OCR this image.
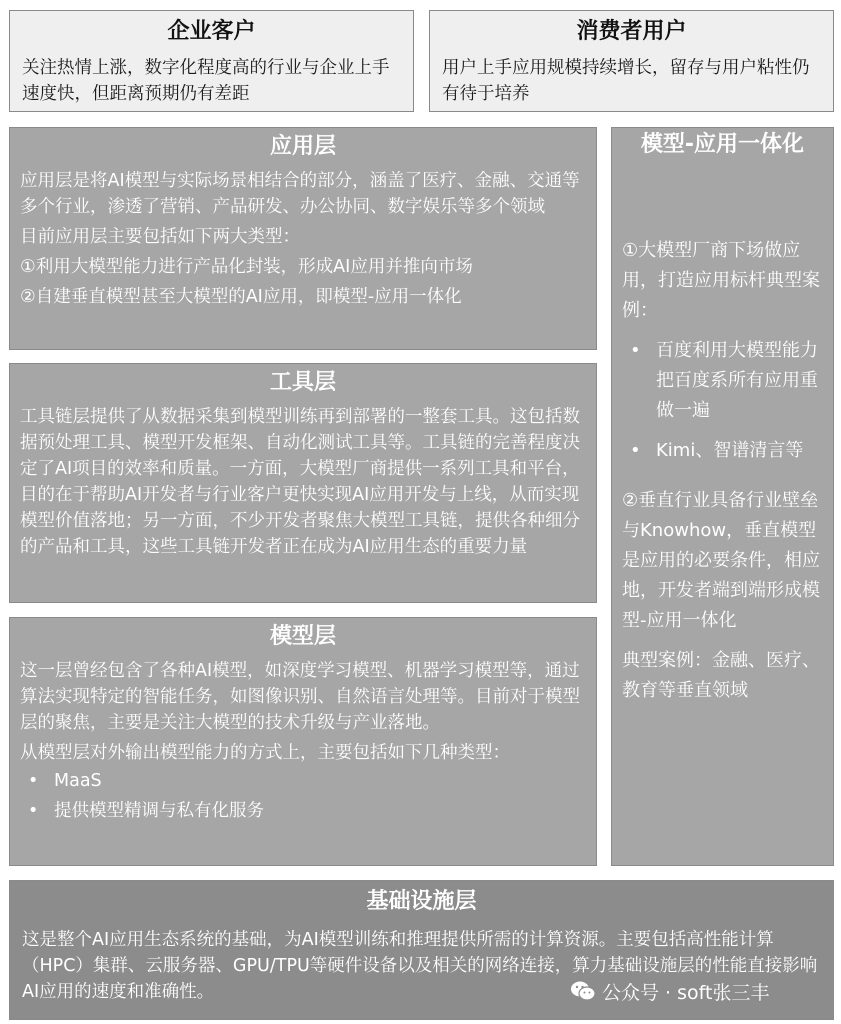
企业客户

关注热情上涨，数字化程度高的行业与企业上手速度快，但距离预期仍有差距

消费者用户

用户上手应用规模持续增长，留存与用户粘性仍有待于培养

应用层

应用层是将AI模型与实际场景相结合的部分，涵盖了医疗、金融、交通等多个行业，渗透了营销、产品研发、办公协同、数字娱乐等多个领域

目前应用层主要包括如下两大类型：

①利用大模型能力进行产品化封装，形成AI应用并推向市场

②自建垂直模型甚至大模型的AI应用，即模型-应用一体化

工具层

工具链层提供了从数据采集到模型训练再到部署的一整套工具。这包括数据预处理工具、模型开发框架、自动化测试工具等。工具链的完善程度决定了AI项目的效率和质量。一方面，大模型厂商提供一系列工具和平台，目的在于帮助AI开发者与行业客户更快实现AI应用开发与上线，从而实现模型价值落地；另一方面，不少开发者聚焦大模型工具链，提供各种细分的产品和工具，这些工具链开发者正在成为AI应用生态的重要力量

模型层

这一层曾经包含了各种AI模型，如深度学习模型、机器学习模型等，通过算法实现特定的智能任务，如图像识别、自然语言处理等。目前对于模型层的聚焦，主要是关注大模型的技术升级与产业落地。

从模型层对外输出模型能力的方式上，主要包括如下几种类型：

• MaaS
• 提供模型精调与私有化服务
模型-应用一体化

①大模型厂商下场做应用，打造应用标杆典型案例：

• 百度利用大模型能力把百度系所有应用重做一遍
• Kimi、智谱清言等

②垂直行业具备行业壁垒与Knowhow，垂直模型是应用的必要条件，相应地，开发者端到端形成模型-应用一体化

典型案例：金融、医疗、教育等垂直领域

基础设施层

这是整个AI应用生态系统的基础，为AI模型训练和推理提供所需的计算资源。主要包括高性能计算（HPC）集群、云服务器、GPU/TPU等硬件设备以及相关的网络连接，算力基础设施层的性能直接影响AI应用的速度和准确性。	公众号 · soft张三丰
